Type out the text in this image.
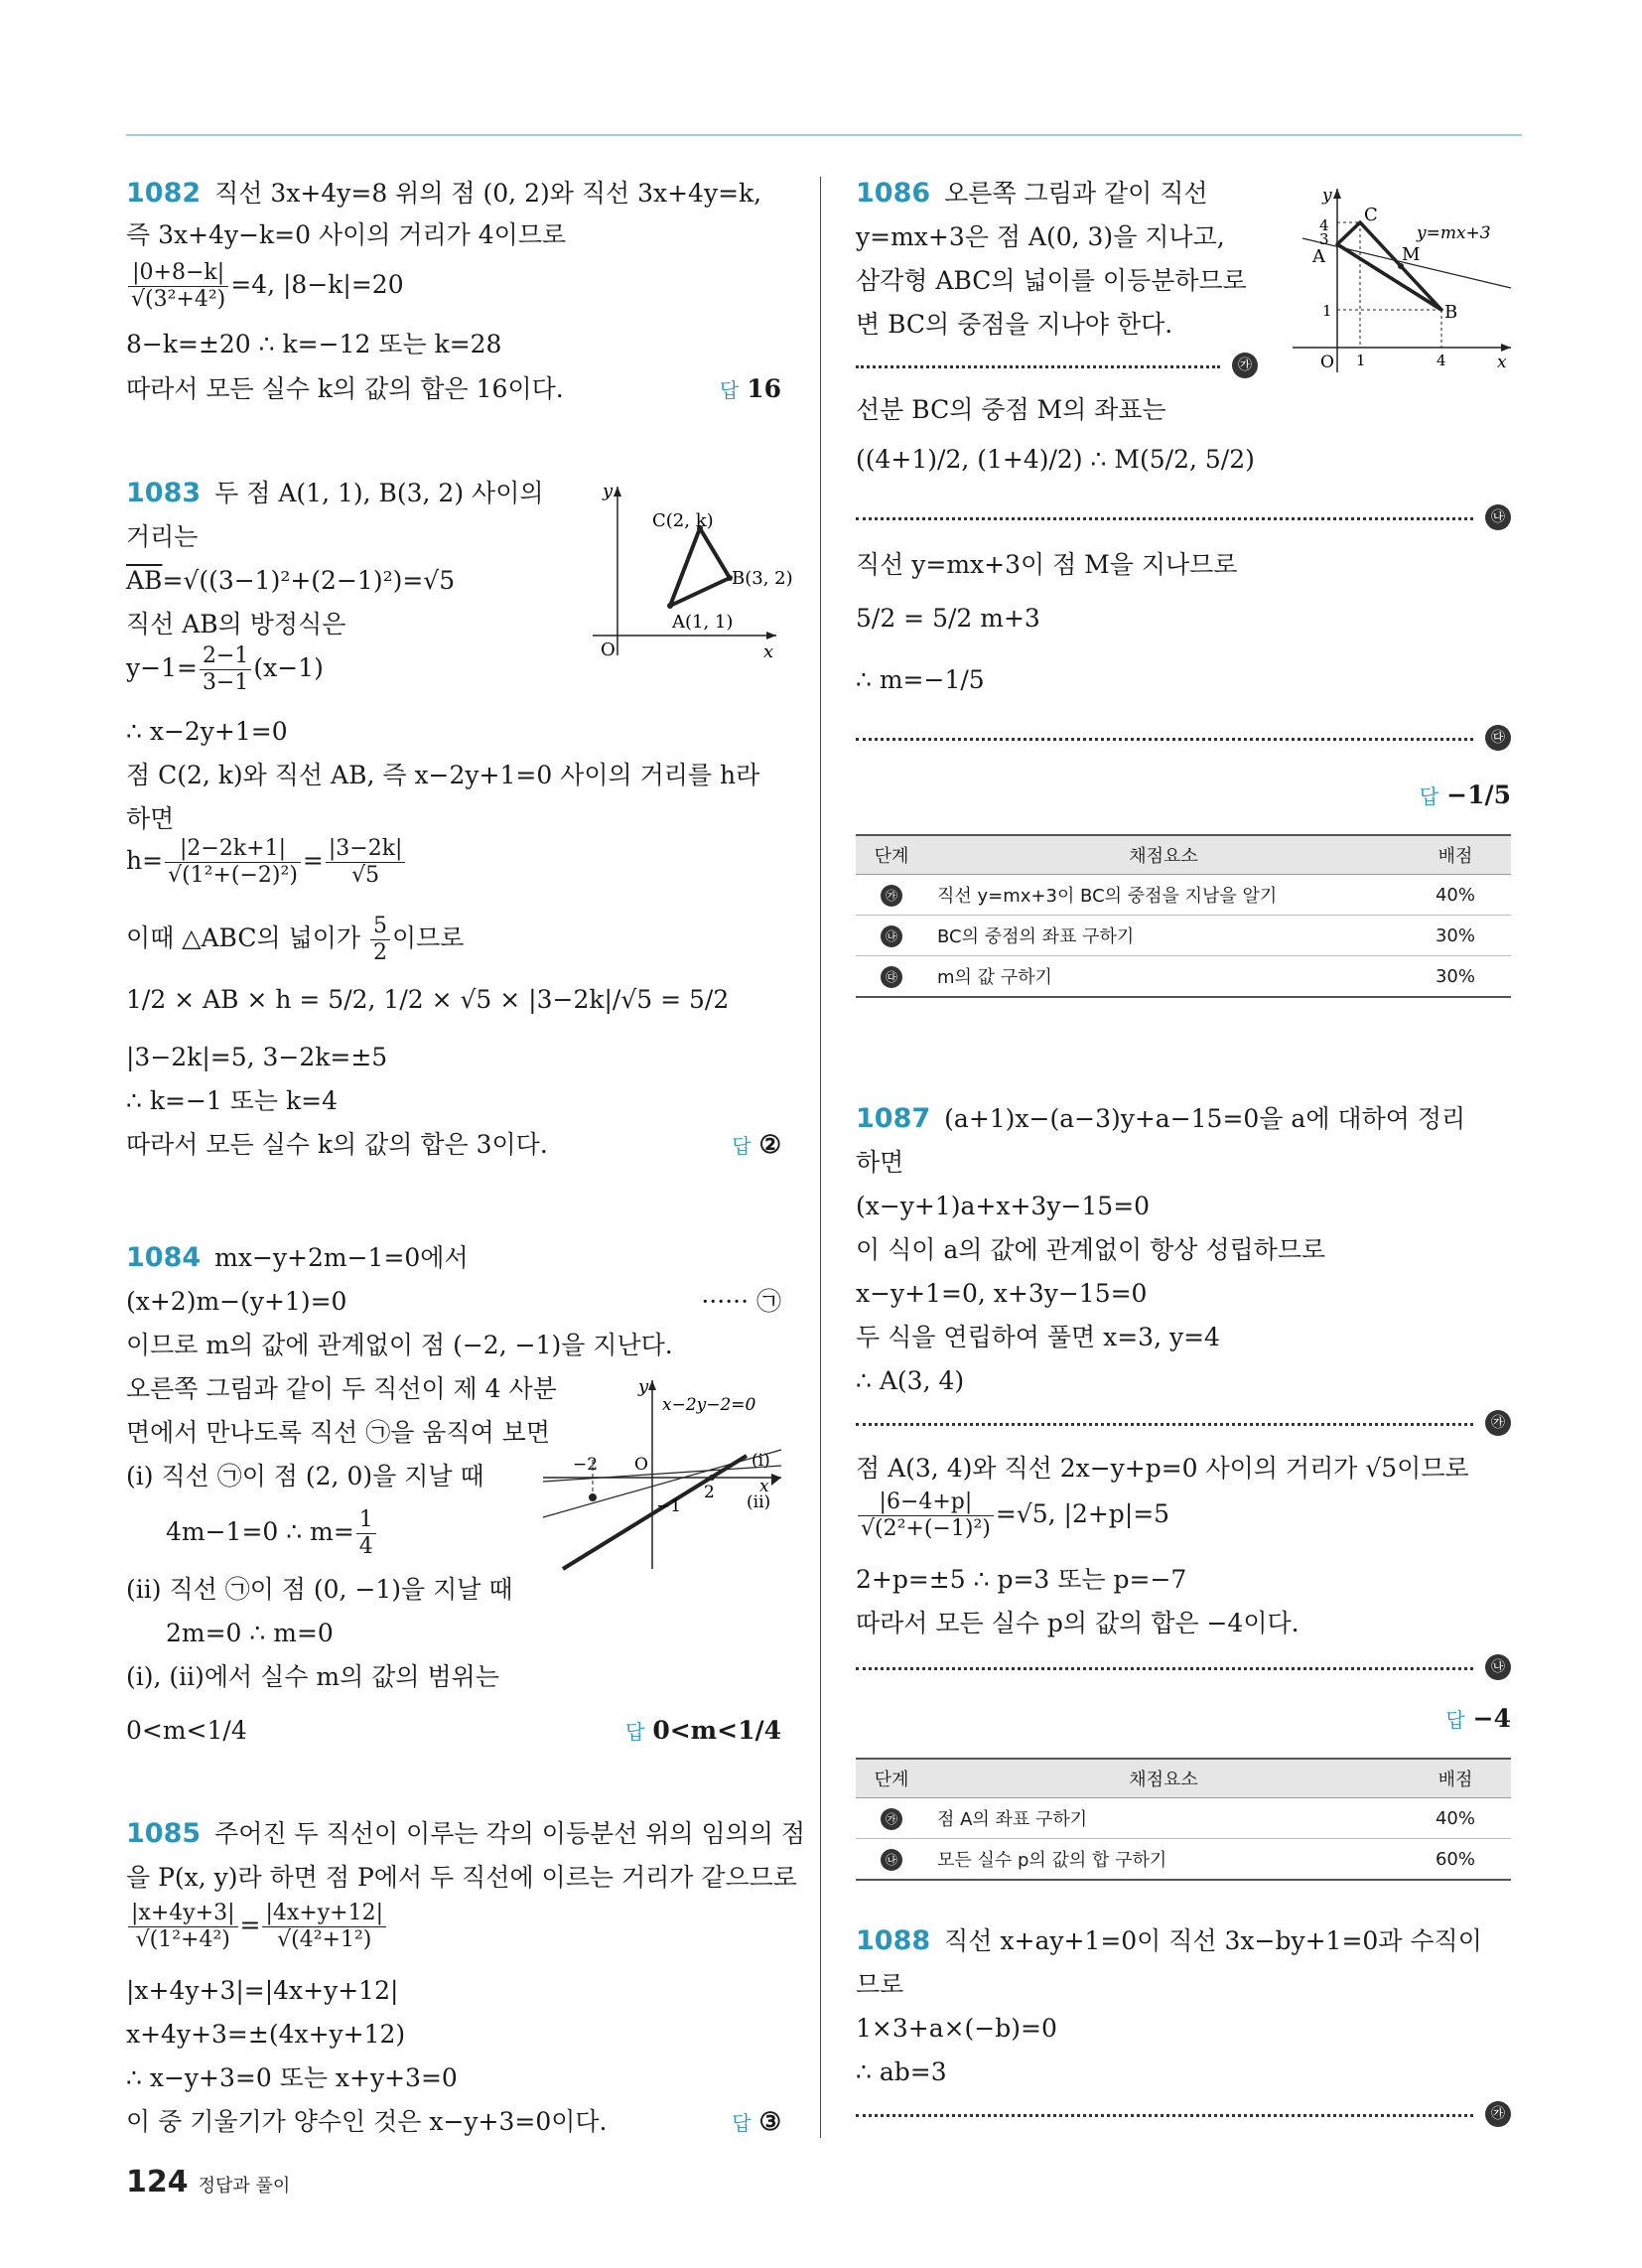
1082 직선 3x+4y=8 위의 점 (0, 2)와 직선 3x+4y=k,
즉 3x+4y−k=0 사이의 거리가 4이므로
$\frac{|0+8-k|}{\text{√(3²+4²)}} =4$, |8−k|=20
8−k=±20 ∴ k=−12 또는 k=28
따라서 모든 실수 k의 값의 합은 16이다.	답 16
1083 두 점 A(1, 1), B(3, 2) 사이의
거리는
$\overline{AB}=√((3-1)^2+(2-1)^2)=√5$
직선 AB의 방정식은
$y-1= \frac{2-1}{3-1} (x-1)$
∴ x−2y+1=0
점 C(2, k)와 직선 AB, 즉 x−2y+1=0 사이의 거리를 h라
하면
$h= \frac{|2-2k+1|}{\text{√(1²+(−2)²)}} = \frac{|3-2k|}{√5}$
이때 △ABC의 넓이가 $\frac{5}{2}$ 이므로
1/2 × AB × h = 5/2, 1/2 × √5 × |3−2k|/√5 = 5/2
|3−2k|=5, 3−2k=±5
∴ k=−1 또는 k=4
따라서 모든 실수 k의 값의 합은 3이다.	답 ②
y
x
O
C(2, k)
B(3, 2)
A(1, 1)
1084 mx−y+2m−1=0에서
(x+2)m−(y+1)=0	······ ㉠
이므로 m의 값에 관계없이 점 (−2, −1)을 지난다.
오른쪽 그림과 같이 두 직선이 제 4 사분
면에서 만나도록 직선 ㉠을 움직여 보면
(i) 직선 ㉠이 점 (2, 0)을 지날 때
4m−1=0 ∴ $m= \frac{1}{4}$
(ii) 직선 ㉠이 점 (0, −1)을 지날 때
2m=0 ∴ m=0
(i), (ii)에서 실수 m의 값의 범위는
0<m<1/4	답 0<m<1/4
y
x−2y−2=0
−2 O
2
−1
(i)
x
(ii)
1085 주어진 두 직선이 이루는 각의 이등분선 위의 임의의 점
을 P(x, y)라 하면 점 P에서 두 직선에 이르는 거리가 같으므로
$\frac{|x+4y+3|}{\text{√(1²+4²)}} = \frac{|4x+y+12|}{\text{√(4²+1²)}}$
|x+4y+3|=|4x+y+12|
x+4y+3=±(4x+y+12)
∴ x−y+3=0 또는 x+y+3=0
이 중 기울기가 양수인 것은 x−y+3=0이다.	답 ③
1086 오른쪽 그림과 같이 직선
y=mx+3은 점 A(0, 3)을 지나고,
삼각형 ABC의 넓이를 이등분하므로
변 BC의 중점을 지나야 한다.
㉮
y
C
4
3
A	M
y=mx+3
1	B
O 1	4	x
선분 BC의 중점 M의 좌표는
((4+1)/2, (1+4)/2) ∴ M(5/2, 5/2)
㉯
직선 y=mx+3이 점 M을 지나므로
5/2 = 5/2 m+3
∴ m=−1/5
㉰
답 −1/5
단계	채점요소	배점
㉮	직선 y=mx+3이 BC의 중점을 지남을 알기	40%
㉯	BC의 중점의 좌표 구하기	30%
㉰	m의 값 구하기	30%
1087 (a+1)x−(a−3)y+a−15=0을 a에 대하여 정리
하면
(x−y+1)a+x+3y−15=0
이 식이 a의 값에 관계없이 항상 성립하므로
x−y+1=0, x+3y−15=0
두 식을 연립하여 풀면 x=3, y=4
∴ A(3, 4)
㉮
점 A(3, 4)와 직선 2x−y+p=0 사이의 거리가 √5이므로
$\frac{|6-4+p|}{\text{√(2²+(−1)²)}} =√5$, |2+p|=5
2+p=±5 ∴ p=3 또는 p=−7
따라서 모든 실수 p의 값의 합은 −4이다.
㉯
답 −4
단계	채점요소	배점
㉮	점 A의 좌표 구하기	40%
㉯	모든 실수 p의 값의 합 구하기	60%
1088 직선 x+ay+1=0이 직선 3x−by+1=0과 수직이
므로
1×3+a×(−b)=0
∴ ab=3
㉮
124 정답과 풀이
